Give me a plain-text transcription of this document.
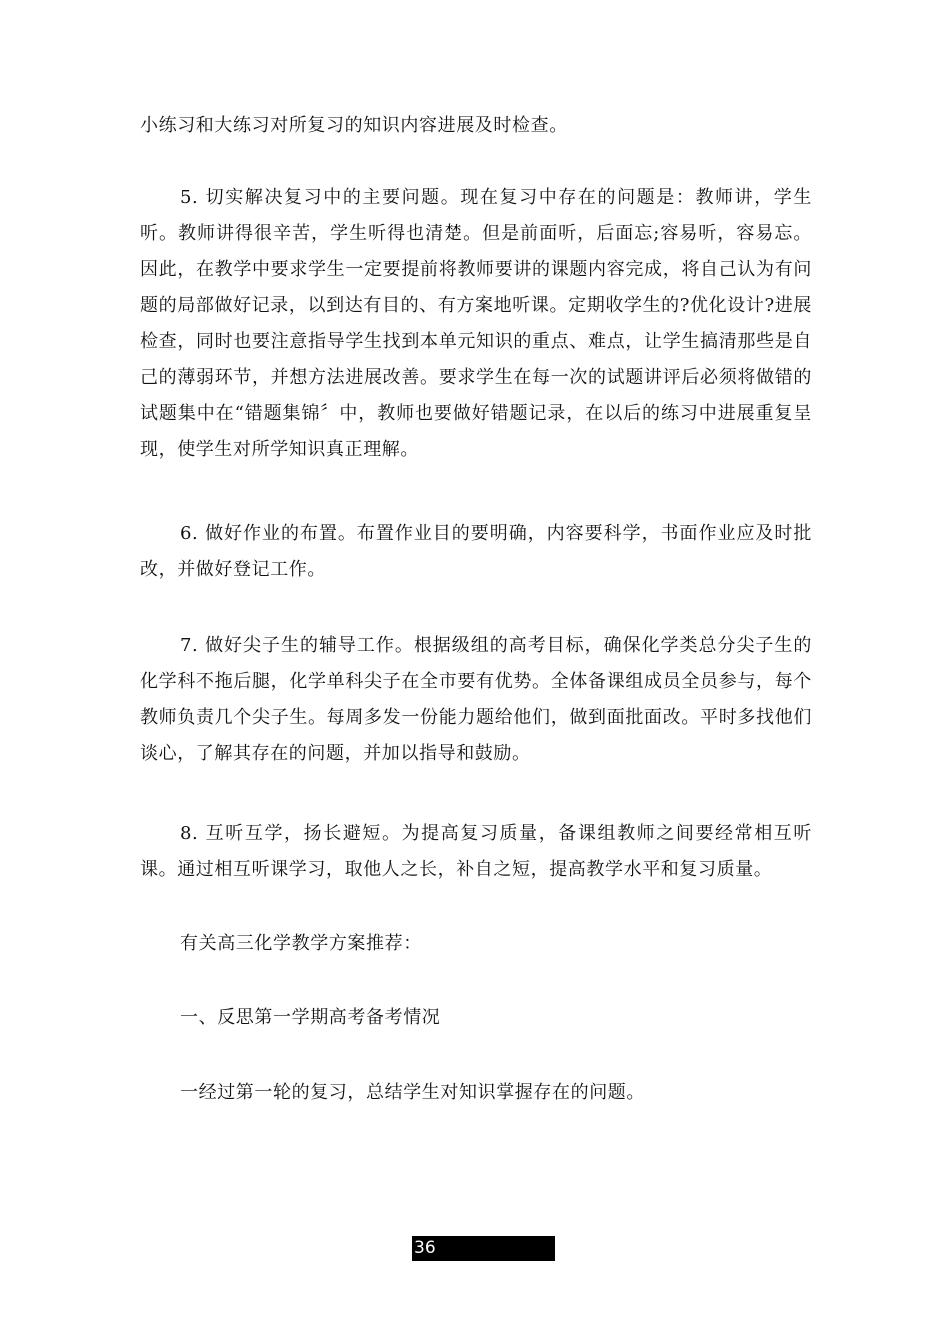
小练习和大练习对所复习的知识内容进展及时检查。

5. 切实解决复习中的主要问题。现在复习中存在的问题是：教师讲，学生听。教师讲得很辛苦，学生听得也清楚。但是前面听，后面忘;容易听，容易忘。因此，在教学中要求学生一定要提前将教师要讲的课题内容完成，将自己认为有问题的局部做好记录，以到达有目的、有方案地听课。定期收学生的?优化设计?进展检查，同时也要注意指导学生找到本单元知识的重点、难点，让学生搞清那些是自己的薄弱环节，并想方法进展改善。要求学生在每一次的试题讲评后必须将做错的试题集中在“错题集锦〞中，教师也要做好错题记录，在以后的练习中进展重复呈现，使学生对所学知识真正理解。

6. 做好作业的布置。布置作业目的要明确，内容要科学，书面作业应及时批改，并做好登记工作。

7. 做好尖子生的辅导工作。根据级组的高考目标，确保化学类总分尖子生的化学科不拖后腿，化学单科尖子在全市要有优势。全体备课组成员全员参与，每个教师负责几个尖子生。每周多发一份能力题给他们，做到面批面改。平时多找他们谈心，了解其存在的问题，并加以指导和鼓励。

8. 互听互学，扬长避短。为提高复习质量，备课组教师之间要经常相互听课。通过相互听课学习，取他人之长，补自之短，提高教学水平和复习质量。

有关高三化学教学方案推荐：

一、反思第一学期高考备考情况

一经过第一轮的复习，总结学生对知识掌握存在的问题。

36
